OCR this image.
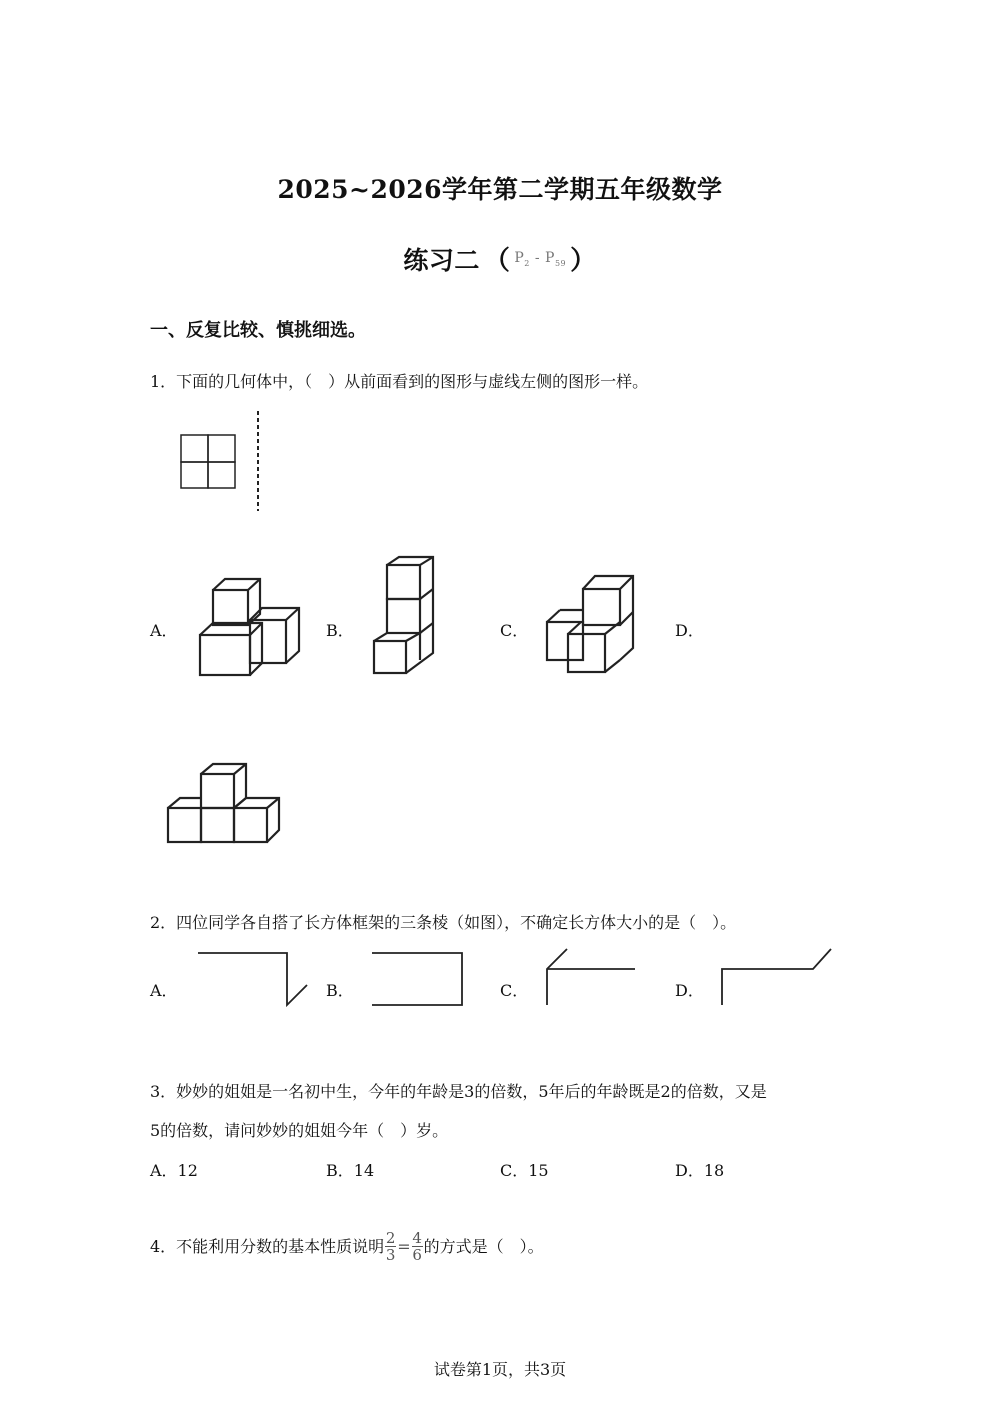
2025~2026学年第二学期五年级数学
练习二 （ $P_2 - P_{59}$ ）
一、反复比较、慎挑细选。
1．下面的几何体中，（　）从前面看到的图形与虚线左侧的图形一样。
A．	B．	C．	D．
2．四位同学各自搭了长方体框架的三条棱（如图），不确定长方体大小的是（　）。
A．	B．	C．	D．
3．妙妙的姐姐是一名初中生，今年的年龄是3的倍数，5年后的年龄既是2的倍数，又是
5的倍数，请问妙妙的姐姐今年（　）岁。
A．12	B．14	C．15	D．18
4．不能利用分数的基本性质说明 $\frac{2}{3} = \frac{4}{6}$ 的方式是（　）。
试卷第1页，共3页
